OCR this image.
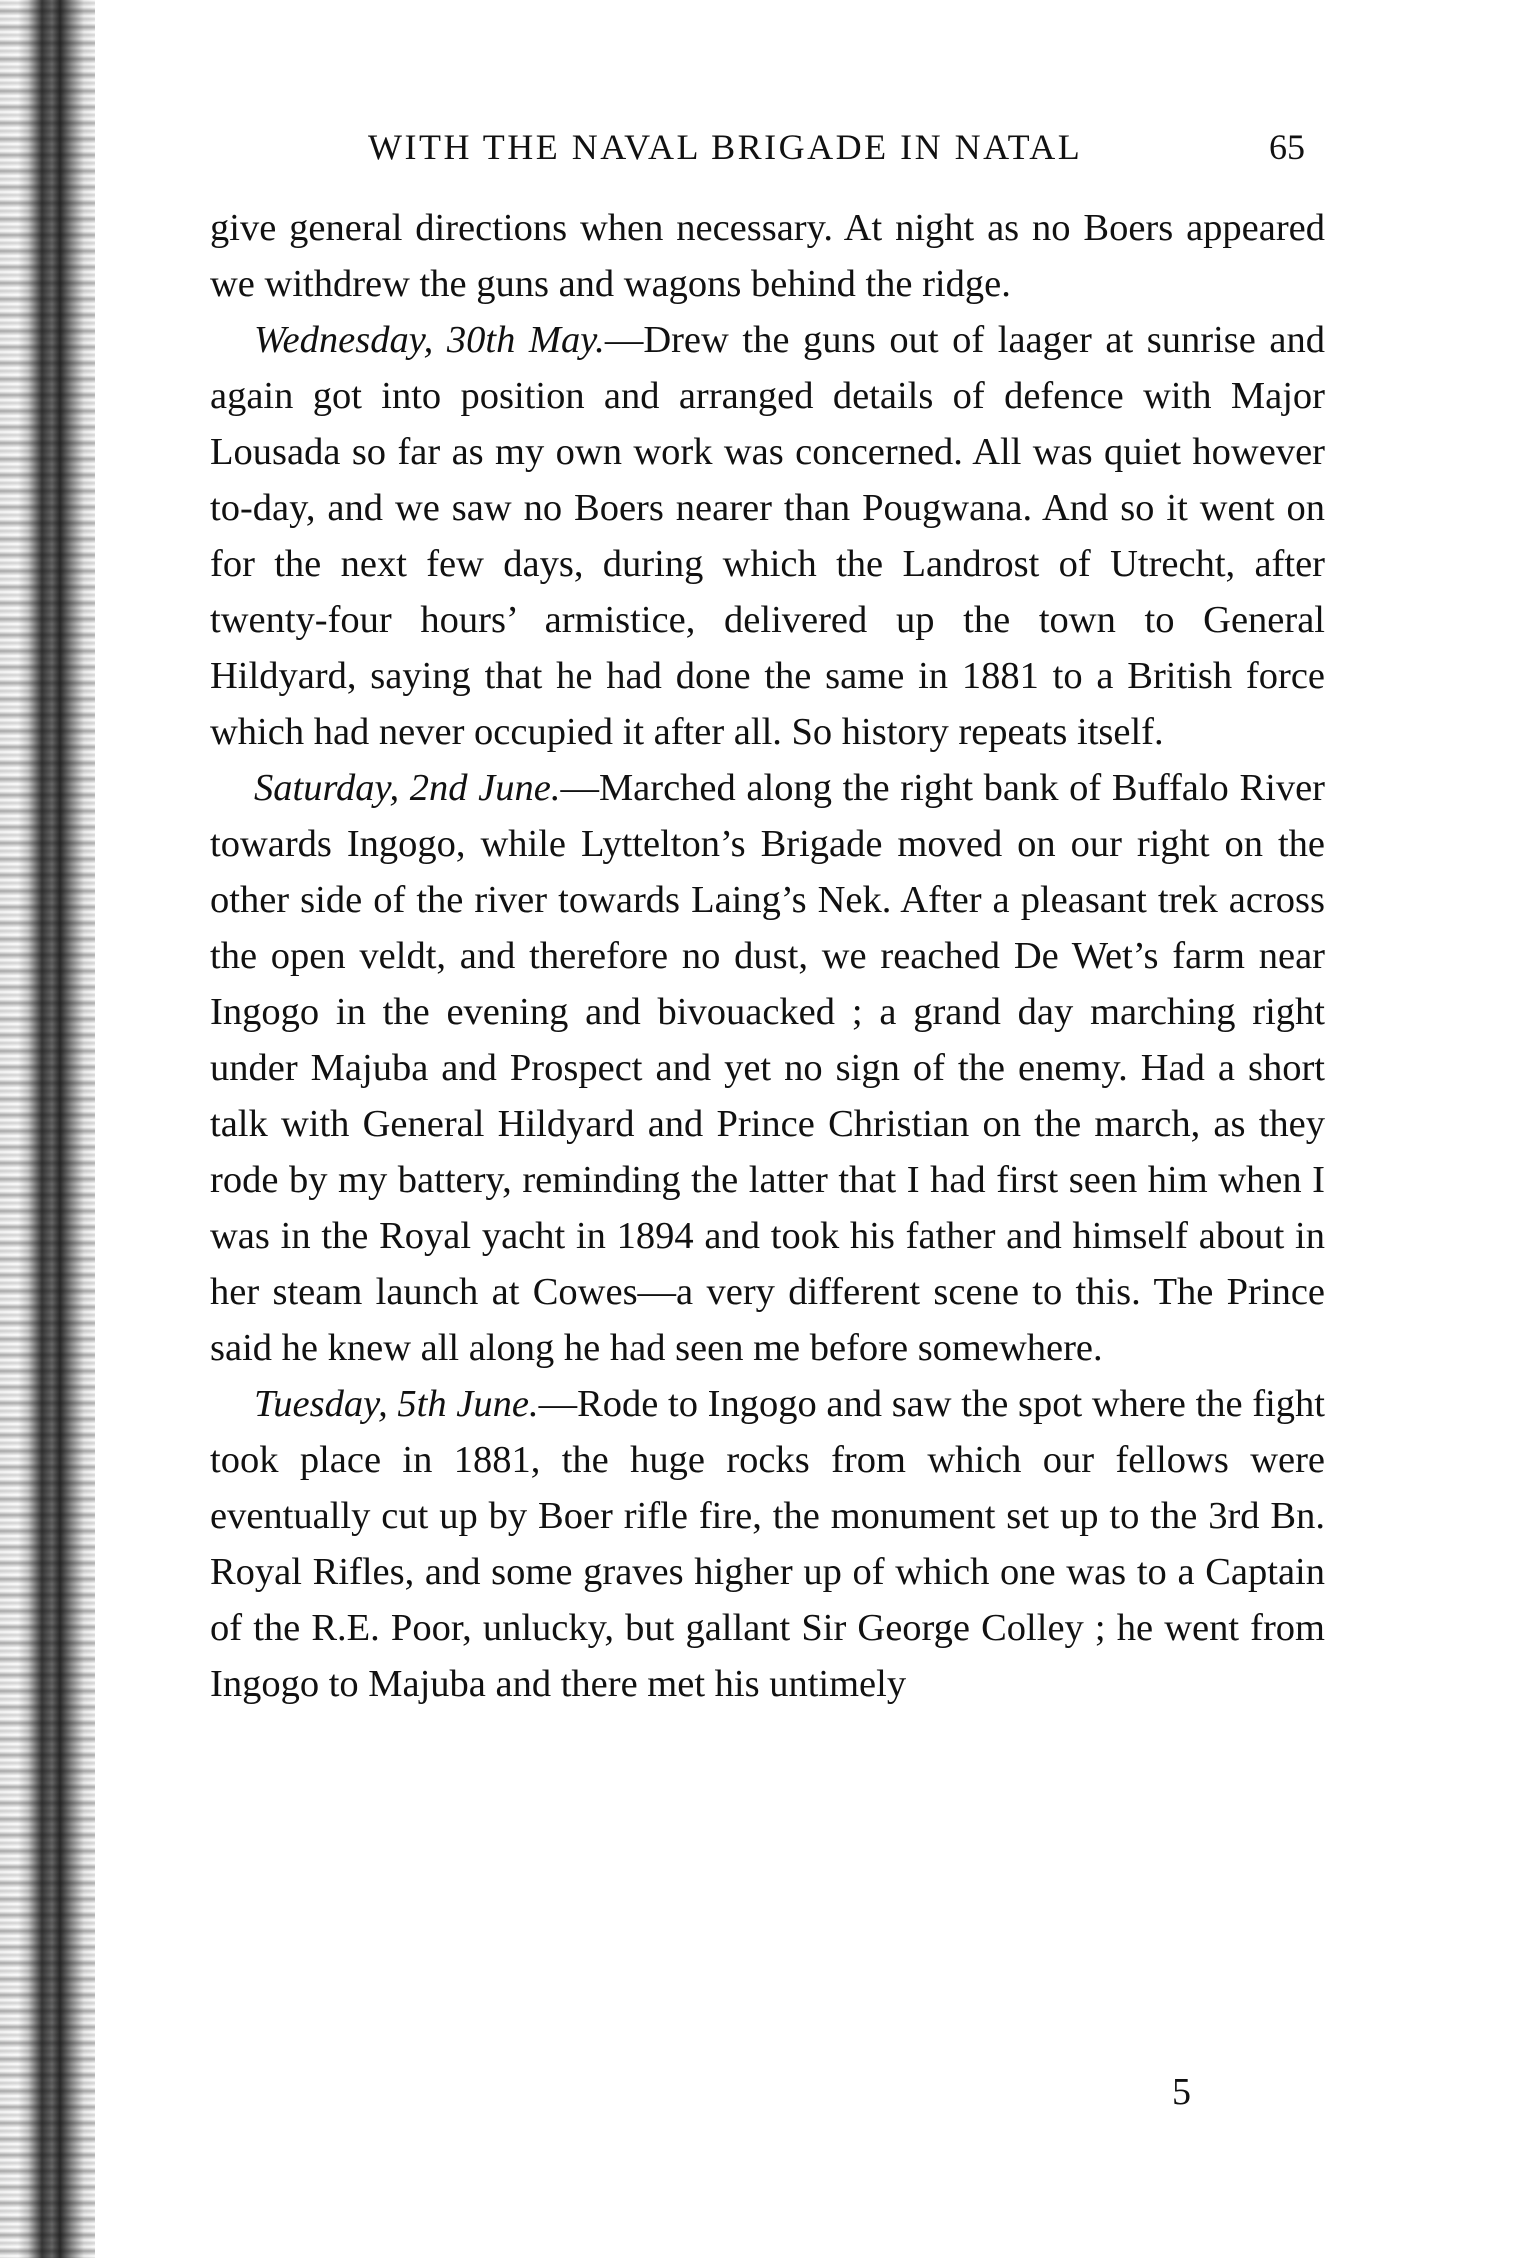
WITH THE NAVAL BRIGADE IN NATAL	65

give general directions when necessary. At night as no Boers appeared we withdrew the guns and wagons behind the ridge.

Wednesday, 30th May.—Drew the guns out of laager at sunrise and again got into position and arranged details of defence with Major Lousada so far as my own work was concerned. All was quiet however to-day, and we saw no Boers nearer than Pougwana. And so it went on for the next few days, during which the Landrost of Utrecht, after twenty-four hours’ armistice, delivered up the town to General Hildyard, saying that he had done the same in 1881 to a British force which had never occupied it after all. So history repeats itself.

Saturday, 2nd June.—Marched along the right bank of Buffalo River towards Ingogo, while Lyttelton’s Brigade moved on our right on the other side of the river towards Laing’s Nek. After a pleasant trek across the open veldt, and therefore no dust, we reached De Wet’s farm near Ingogo in the evening and bivouacked ; a grand day marching right under Majuba and Prospect and yet no sign of the enemy. Had a short talk with General Hildyard and Prince Christian on the march, as they rode by my battery, reminding the latter that I had first seen him when I was in the Royal yacht in 1894 and took his father and himself about in her steam launch at Cowes—a very different scene to this. The Prince said he knew all along he had seen me before somewhere.

Tuesday, 5th June.—Rode to Ingogo and saw the spot where the fight took place in 1881, the huge rocks from which our fellows were eventually cut up by Boer rifle fire, the monument set up to the 3rd Bn. Royal Rifles, and some graves higher up of which one was to a Captain of the R.E. Poor, unlucky, but gallant Sir George Colley ; he went from Ingogo to Majuba and there met his untimely

5
